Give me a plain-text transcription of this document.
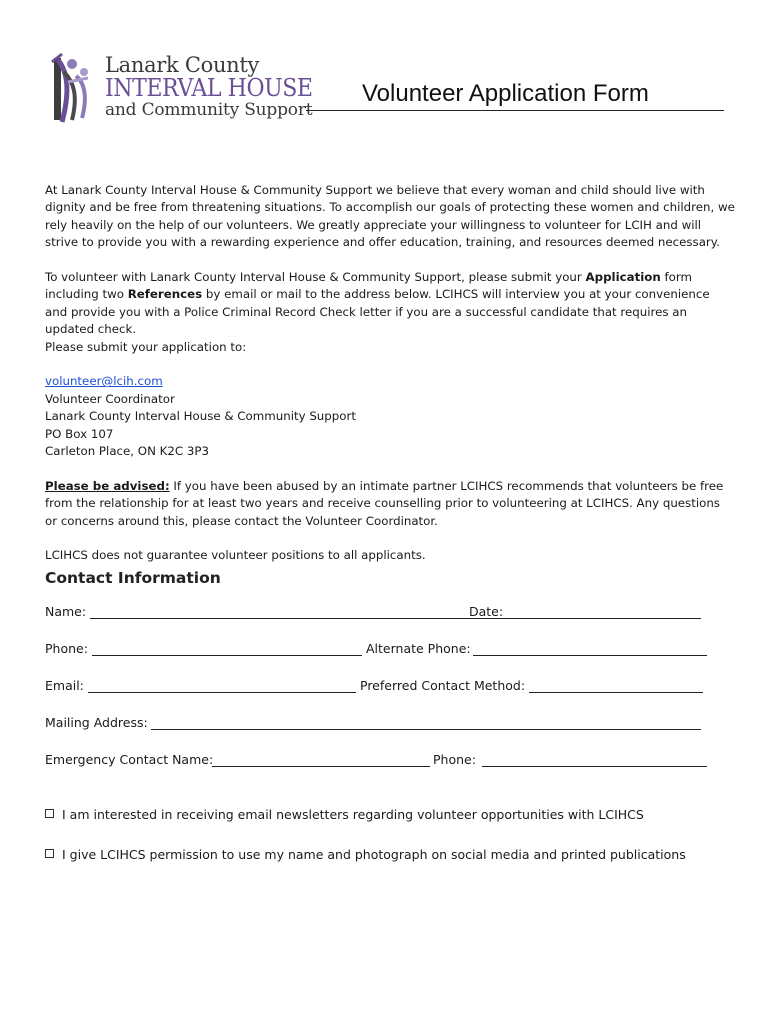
Lanark County
INTERVAL HOUSE
and Community Support
Volunteer Application Form

At Lanark County Interval House & Community Support we believe that every woman and child should live with dignity and be free from threatening situations. To accomplish our goals of protecting these women and children, we rely heavily on the help of our volunteers. We greatly appreciate your willingness to volunteer for LCIH and will strive to provide you with a rewarding experience and offer education, training, and resources deemed necessary.

To volunteer with Lanark County Interval House & Community Support, please submit your Application form including two References by email or mail to the address below. LCIHCS will interview you at your convenience and provide you with a Police Criminal Record Check letter if you are a successful candidate that requires an updated check.
Please submit your application to:

volunteer@lcih.com
Volunteer Coordinator
Lanark County Interval House & Community Support
PO Box 107
Carleton Place, ON K2C 3P3

Please be advised: If you have been abused by an intimate partner LCIHCS recommends that volunteers be free from the relationship for at least two years and receive counselling prior to volunteering at LCIHCS. Any questions or concerns around this, please contact the Volunteer Coordinator.

LCIHCS does not guarantee volunteer positions to all applicants.

Contact Information
Name:	Date:
Phone:	Alternate Phone:
Email:	Preferred Contact Method:
Mailing Address:
Emergency Contact Name:	Phone:
I am interested in receiving email newsletters regarding volunteer opportunities with LCIHCS
I give LCIHCS permission to use my name and photograph on social media and printed publications
